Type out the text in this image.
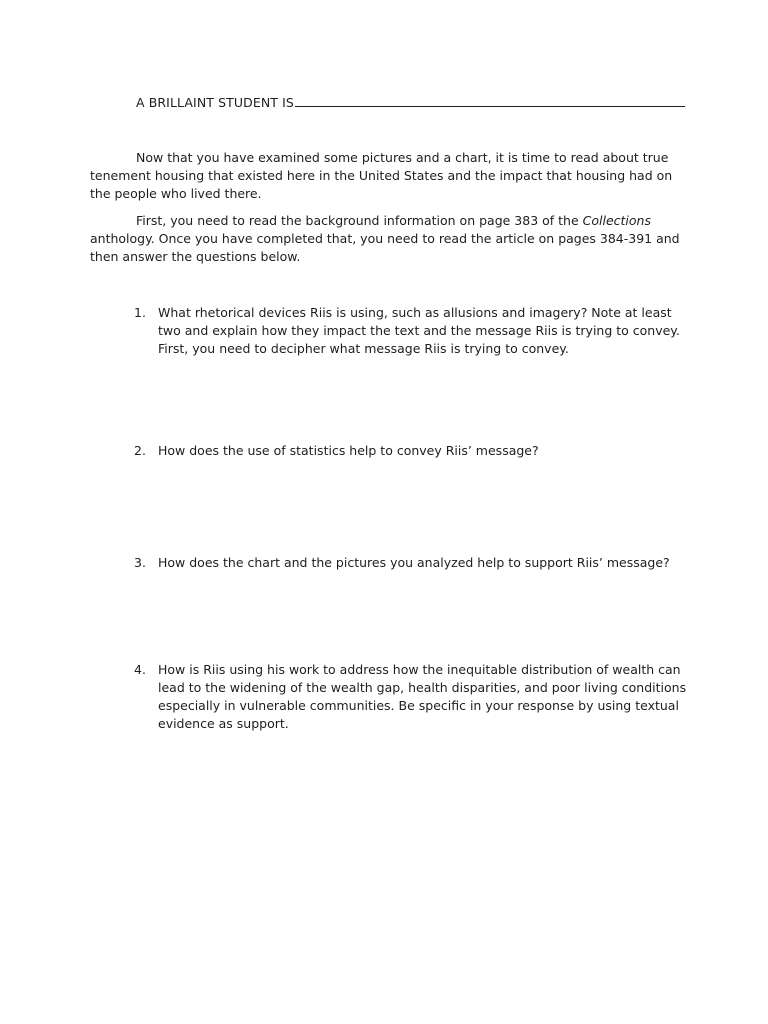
A BRILLAINT STUDENT IS

Now that you have examined some pictures and a chart, it is time to read about true tenement housing that existed here in the United States and the impact that housing had on the people who lived there.

First, you need to read the background information on page 383 of the Collections anthology. Once you have completed that, you need to read the article on pages 384-391 and then answer the questions below.

1. What rhetorical devices Riis is using, such as allusions and imagery? Note at least two and explain how they impact the text and the message Riis is trying to convey. First, you need to decipher what message Riis is trying to convey.
2. How does the use of statistics help to convey Riis’ message?
3. How does the chart and the pictures you analyzed help to support Riis’ message?
4. How is Riis using his work to address how the inequitable distribution of wealth can lead to the widening of the wealth gap, health disparities, and poor living conditions especially in vulnerable communities. Be specific in your response by using textual evidence as support.
